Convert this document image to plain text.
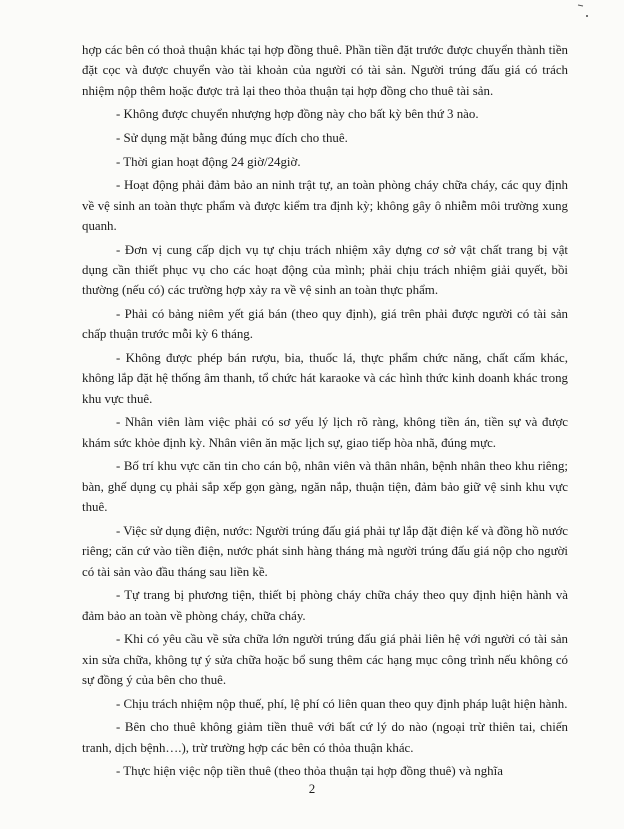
hợp các bên có thoả thuận khác tại hợp đồng thuê. Phần tiền đặt trước được chuyển thành tiền đặt cọc và được chuyển vào tài khoản của người có tài sản. Người trúng đấu giá có trách nhiệm nộp thêm hoặc được trả lại theo thỏa thuận tại hợp đồng cho thuê tài sản.

- Không được chuyển nhượng hợp đồng này cho bất kỳ bên thứ 3 nào.

- Sử dụng mặt bằng đúng mục đích cho thuê.

- Thời gian hoạt động 24 giờ/24giờ.

- Hoạt động phải đảm bảo an ninh trật tự, an toàn phòng cháy chữa cháy, các quy định về vệ sinh an toàn thực phẩm và được kiểm tra định kỳ; không gây ô nhiễm môi trường xung quanh.

- Đơn vị cung cấp dịch vụ tự chịu trách nhiệm xây dựng cơ sở vật chất trang bị vật dụng cần thiết phục vụ cho các hoạt động của mình; phải chịu trách nhiệm giải quyết, bồi thường (nếu có) các trường hợp xảy ra về vệ sinh an toàn thực phẩm.

- Phải có bảng niêm yết giá bán (theo quy định), giá trên phải được người có tài sản chấp thuận trước mỗi kỳ 6 tháng.

- Không được phép bán rượu, bia, thuốc lá, thực phẩm chức năng, chất cấm khác, không lắp đặt hệ thống âm thanh, tổ chức hát karaoke và các hình thức kinh doanh khác trong khu vực thuê.

- Nhân viên làm việc phải có sơ yếu lý lịch rõ ràng, không tiền án, tiền sự và được khám sức khỏe định kỳ. Nhân viên ăn mặc lịch sự, giao tiếp hòa nhã, đúng mực.

- Bố trí khu vực căn tin cho cán bộ, nhân viên và thân nhân, bệnh nhân theo khu riêng; bàn, ghế dụng cụ phải sắp xếp gọn gàng, ngăn nắp, thuận tiện, đảm bảo giữ vệ sinh khu vực thuê.

- Việc sử dụng điện, nước: Người trúng đấu giá phải tự lắp đặt điện kế và đồng hồ nước riêng; căn cứ vào tiền điện, nước phát sinh hàng tháng mà người trúng đấu giá nộp cho người có tài sản vào đầu tháng sau liền kề.

- Tự trang bị phương tiện, thiết bị phòng cháy chữa cháy theo quy định hiện hành và đảm bảo an toàn về phòng cháy, chữa cháy.

- Khi có yêu cầu về sửa chữa lớn người trúng đấu giá phải liên hệ với người có tài sản xin sửa chữa, không tự ý sửa chữa hoặc bổ sung thêm các hạng mục công trình nếu không có sự đồng ý của bên cho thuê.

- Chịu trách nhiệm nộp thuế, phí, lệ phí có liên quan theo quy định pháp luật hiện hành.

- Bên cho thuê không giảm tiền thuê với bất cứ lý do nào (ngoại trừ thiên tai, chiến tranh, dịch bệnh….), trừ trường hợp các bên có thỏa thuận khác.

- Thực hiện việc nộp tiền thuê (theo thỏa thuận tại hợp đồng thuê) và nghĩa

2
